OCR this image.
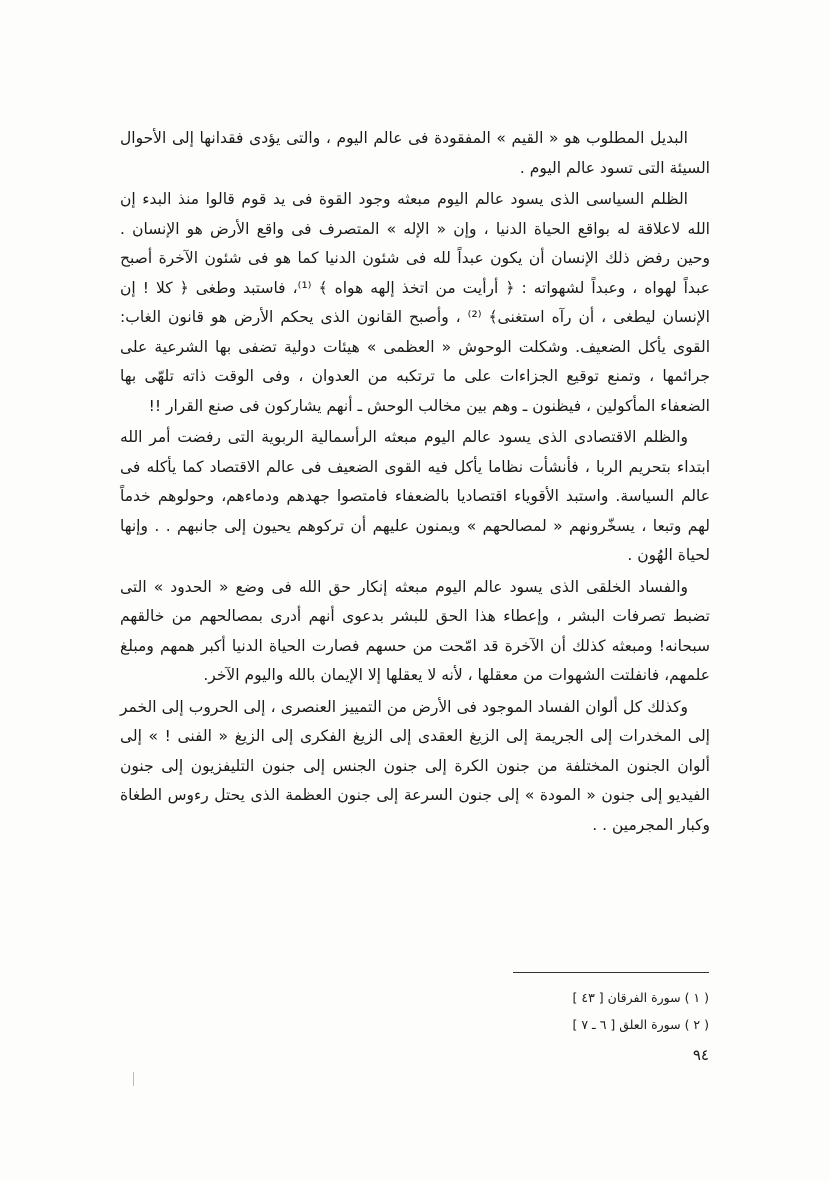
البديل المطلوب هو « القيم » المفقودة فى عالم اليوم ، والتى يؤدى فقدانها إلى الأحوال السيئة التى تسود عالم اليوم .

الظلم السياسى الذى يسود عالم اليوم مبعثه وجود القوة فى يد قوم قالوا منذ البدء إن الله لاعلاقة له بواقع الحياة الدنيا ، وإن « الإله » المتصرف فى واقع الأرض هو الإنسان . وحين رفض ذلك الإنسان أن يكون عبداً لله فى شئون الدنيا كما هو فى شئون الآخرة أصبح عبداً لهواه ، وعبداً لشهواته : ﴿ أرأيت من اتخذ إلهه هواه ﴾ ⁽¹⁾، فاستبد وطغى ﴿ كلا ! إن الإنسان ليطغى ، أن رآه استغنى﴾ ⁽²⁾ ، وأصبح القانون الذى يحكم الأرض هو قانون الغاب: القوى يأكل الضعيف. وشكلت الوحوش « العظمى » هيئات دولية تضفى بها الشرعية على جرائمها ، وتمنع توقيع الجزاءات على ما ترتكبه من العدوان ، وفى الوقت ذاته تلهّى بها الضعفاء المأكولين ، فيظنون ـ وهم بين مخالب الوحش ـ أنهم يشاركون فى صنع القرار !!

والظلم الاقتصادى الذى يسود عالم اليوم مبعثه الرأسمالية الربوية التى رفضت أمر الله ابتداء بتحريم الربا ، فأنشأت نظاما يأكل فيه القوى الضعيف فى عالم الاقتصاد كما يأكله فى عالم السياسة. واستبد الأقوياء اقتصاديا بالضعفاء فامتصوا جهدهم ودماءهم، وحولوهم خدماً لهم وتبعا ، يسخّرونهم « لمصالحهم » ويمنون عليهم أن تركوهم يحيون إلى جانبهم . . وإنها لحياة الهُون .

والفساد الخلقى الذى يسود عالم اليوم مبعثه إنكار حق الله فى وضع « الحدود » التى تضبط تصرفات البشر ، وإعطاء هذا الحق للبشر بدعوى أنهم أدرى بمصالحهم من خالقهم سبحانه! ومبعثه كذلك أن الآخرة قد امّحت من حسهم فصارت الحياة الدنيا أكبر همهم ومبلغ علمهم، فانفلتت الشهوات من معقلها ، لأنه لا يعقلها إلا الإيمان بالله واليوم الآخر.

وكذلك كل ألوان الفساد الموجود فى الأرض من التمييز العنصرى ، إلى الحروب إلى الخمر إلى المخدرات إلى الجريمة إلى الزيغ العقدى إلى الزيغ الفكرى إلى الزيغ « الفنى ! » إلى ألوان الجنون المختلفة من جنون الكرة إلى جنون الجنس إلى جنون التليفزيون إلى جنون الفيديو إلى جنون « المودة » إلى جنون السرعة إلى جنون العظمة الذى يحتل رءوس الطغاة وكبار المجرمين . .

( ١ ) سورة الفرقان [ ٤٣ ]

( ٢ ) سورة العلق [ ٦ ـ ٧ ]

٩٤
